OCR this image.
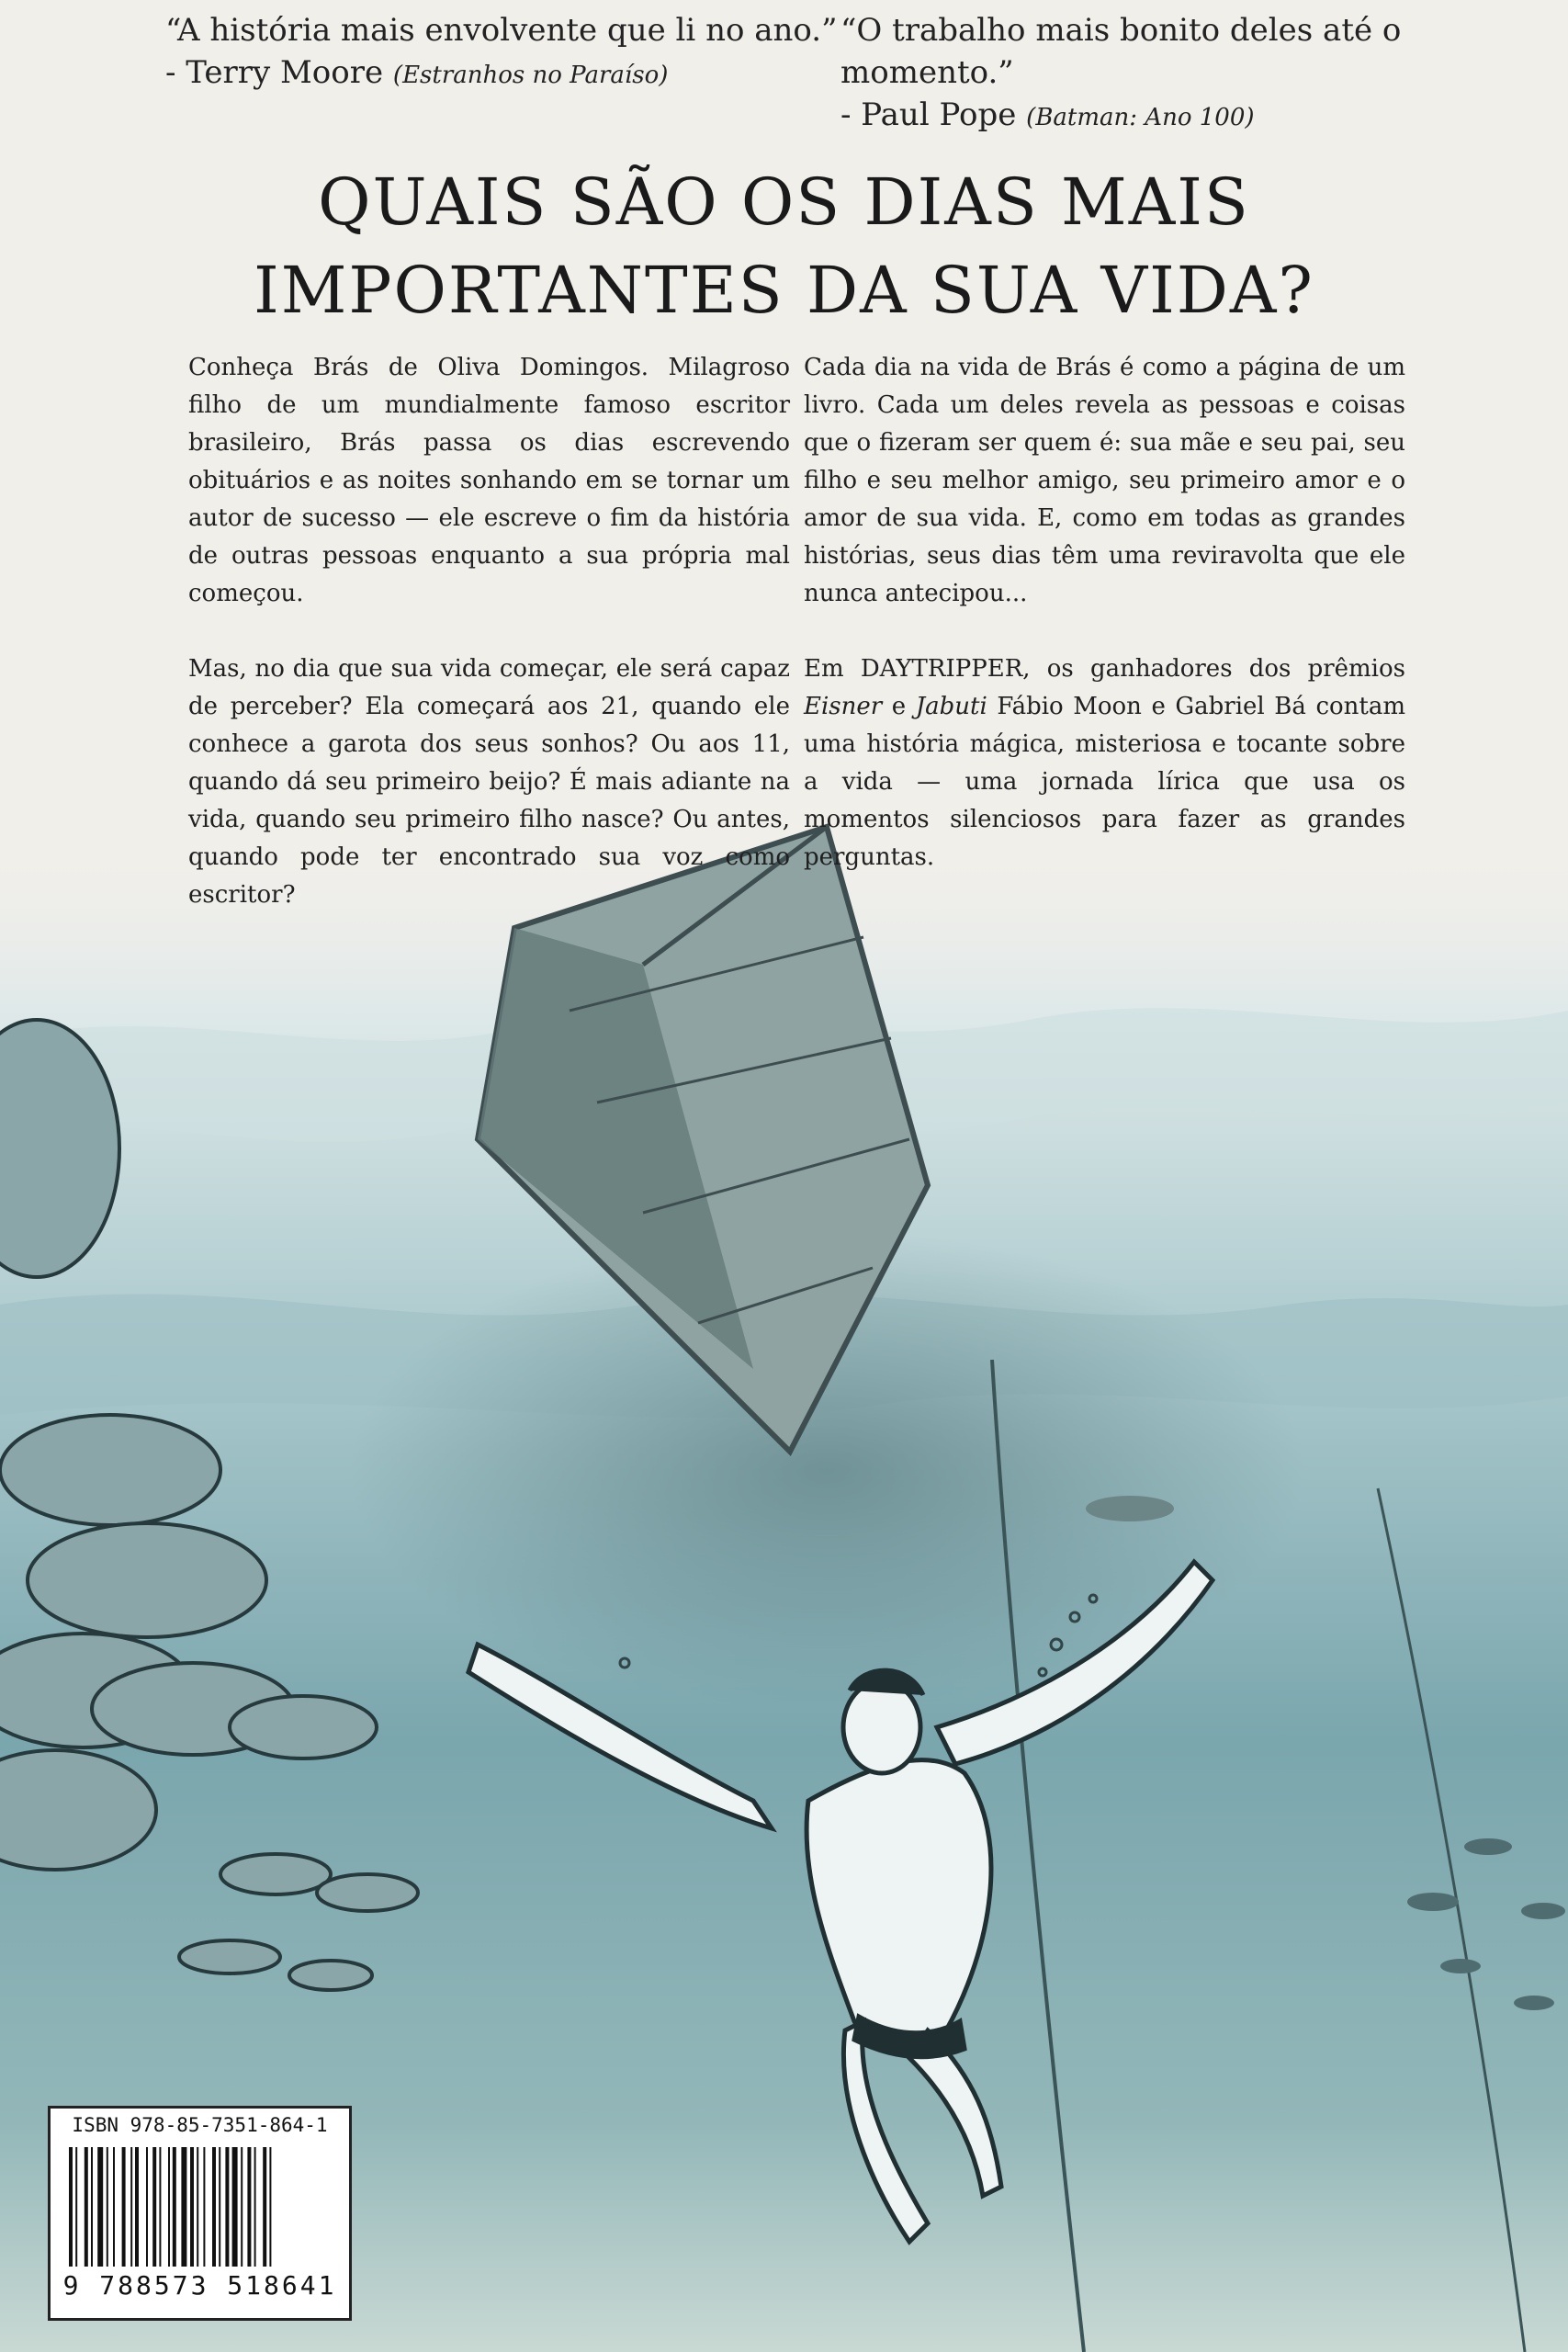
“A história mais envolvente que li no ano.”
- Terry Moore (Estranhos no Paraíso)
“O trabalho mais bonito deles até o momento.”
- Paul Pope (Batman: Ano 100)
QUAIS SÃO OS DIAS MAIS
IMPORTANTES DA SUA VIDA?

Conheça Brás de Oliva Domingos. Milagroso filho de um mundialmente famoso escritor brasileiro, Brás passa os dias escrevendo obituários e as noites sonhando em se tornar um autor de sucesso — ele escreve o fim da história de outras pessoas enquanto a sua própria mal começou.

Mas, no dia que sua vida começar, ele será capaz de perceber? Ela começará aos 21, quando ele conhece a garota dos seus sonhos? Ou aos 11, quando dá seu primeiro beijo? É mais adiante na vida, quando seu primeiro filho nasce? Ou antes, quando pode ter encontrado sua voz como escritor?

Cada dia na vida de Brás é como a página de um livro. Cada um deles revela as pessoas e coisas que o fizeram ser quem é: sua mãe e seu pai, seu filho e seu melhor amigo, seu primeiro amor e o amor de sua vida. E, como em todas as grandes histórias, seus dias têm uma reviravolta que ele nunca antecipou...

Em DAYTRIPPER, os ganhadores dos prêmios Eisner e Jabuti Fábio Moon e Gabriel Bá contam uma história mágica, misteriosa e tocante sobre a vida — uma jornada lírica que usa os momentos silenciosos para fazer as grandes perguntas.

ISBN 978-85-7351-864-1
9 788573 518641
